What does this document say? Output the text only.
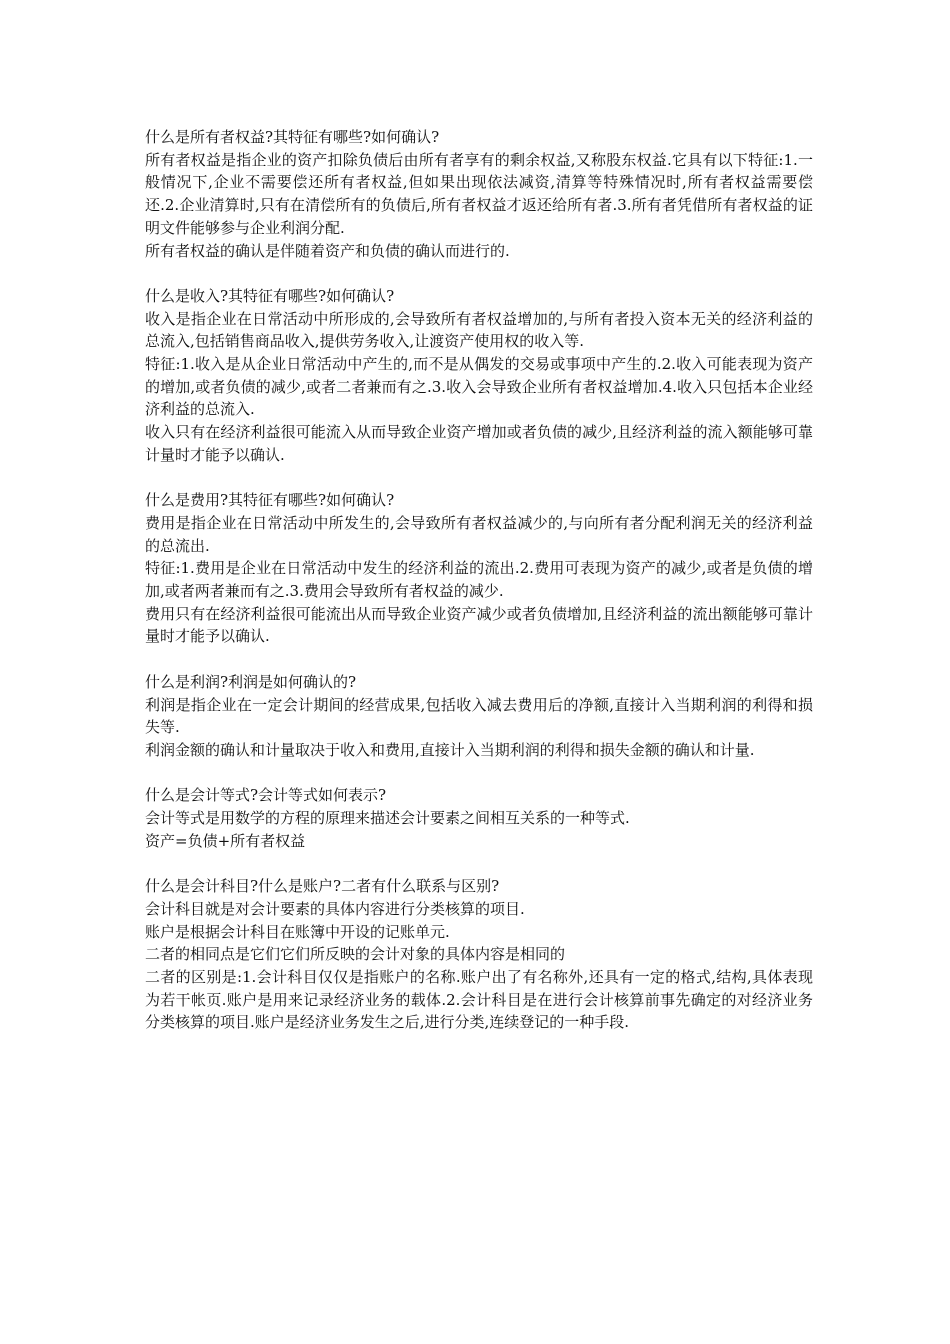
什么是所有者权益?其特征有哪些?如何确认?

所有者权益是指企业的资产扣除负债后由所有者享有的剩余权益,又称股东权益.它具有以下特征:1.一般情况下,企业不需要偿还所有者权益,但如果出现依法减资,清算等特殊情况时,所有者权益需要偿还.2.企业清算时,只有在清偿所有的负债后,所有者权益才返还给所有者.3.所有者凭借所有者权益的证明文件能够参与企业利润分配.

所有者权益的确认是伴随着资产和负债的确认而进行的.

什么是收入?其特征有哪些?如何确认?

收入是指企业在日常活动中所形成的,会导致所有者权益增加的,与所有者投入资本无关的经济利益的总流入,包括销售商品收入,提供劳务收入,让渡资产使用权的收入等.

特征:1.收入是从企业日常活动中产生的,而不是从偶发的交易或事项中产生的.2.收入可能表现为资产的增加,或者负债的减少,或者二者兼而有之.3.收入会导致企业所有者权益增加.4.收入只包括本企业经济利益的总流入.

收入只有在经济利益很可能流入从而导致企业资产增加或者负债的减少,且经济利益的流入额能够可靠计量时才能予以确认.

什么是费用?其特征有哪些?如何确认?

费用是指企业在日常活动中所发生的,会导致所有者权益减少的,与向所有者分配利润无关的经济利益的总流出.

特征:1.费用是企业在日常活动中发生的经济利益的流出.2.费用可表现为资产的减少,或者是负债的增加,或者两者兼而有之.3.费用会导致所有者权益的减少.

费用只有在经济利益很可能流出从而导致企业资产减少或者负债增加,且经济利益的流出额能够可靠计量时才能予以确认.

什么是利润?利润是如何确认的?

利润是指企业在一定会计期间的经营成果,包括收入减去费用后的净额,直接计入当期利润的利得和损失等.

利润金额的确认和计量取决于收入和费用,直接计入当期利润的利得和损失金额的确认和计量.

什么是会计等式?会计等式如何表示?

会计等式是用数学的方程的原理来描述会计要素之间相互关系的一种等式.

资产=负债+所有者权益

什么是会计科目?什么是账户?二者有什么联系与区别?

会计科目就是对会计要素的具体内容进行分类核算的项目.

账户是根据会计科目在账簿中开设的记账单元.

二者的相同点是它们它们所反映的会计对象的具体内容是相同的

二者的区别是:1.会计科目仅仅是指账户的名称.账户出了有名称外,还具有一定的格式,结构,具体表现为若干帐页.账户是用来记录经济业务的载体.2.会计科目是在进行会计核算前事先确定的对经济业务分类核算的项目.账户是经济业务发生之后,进行分类,连续登记的一种手段.
